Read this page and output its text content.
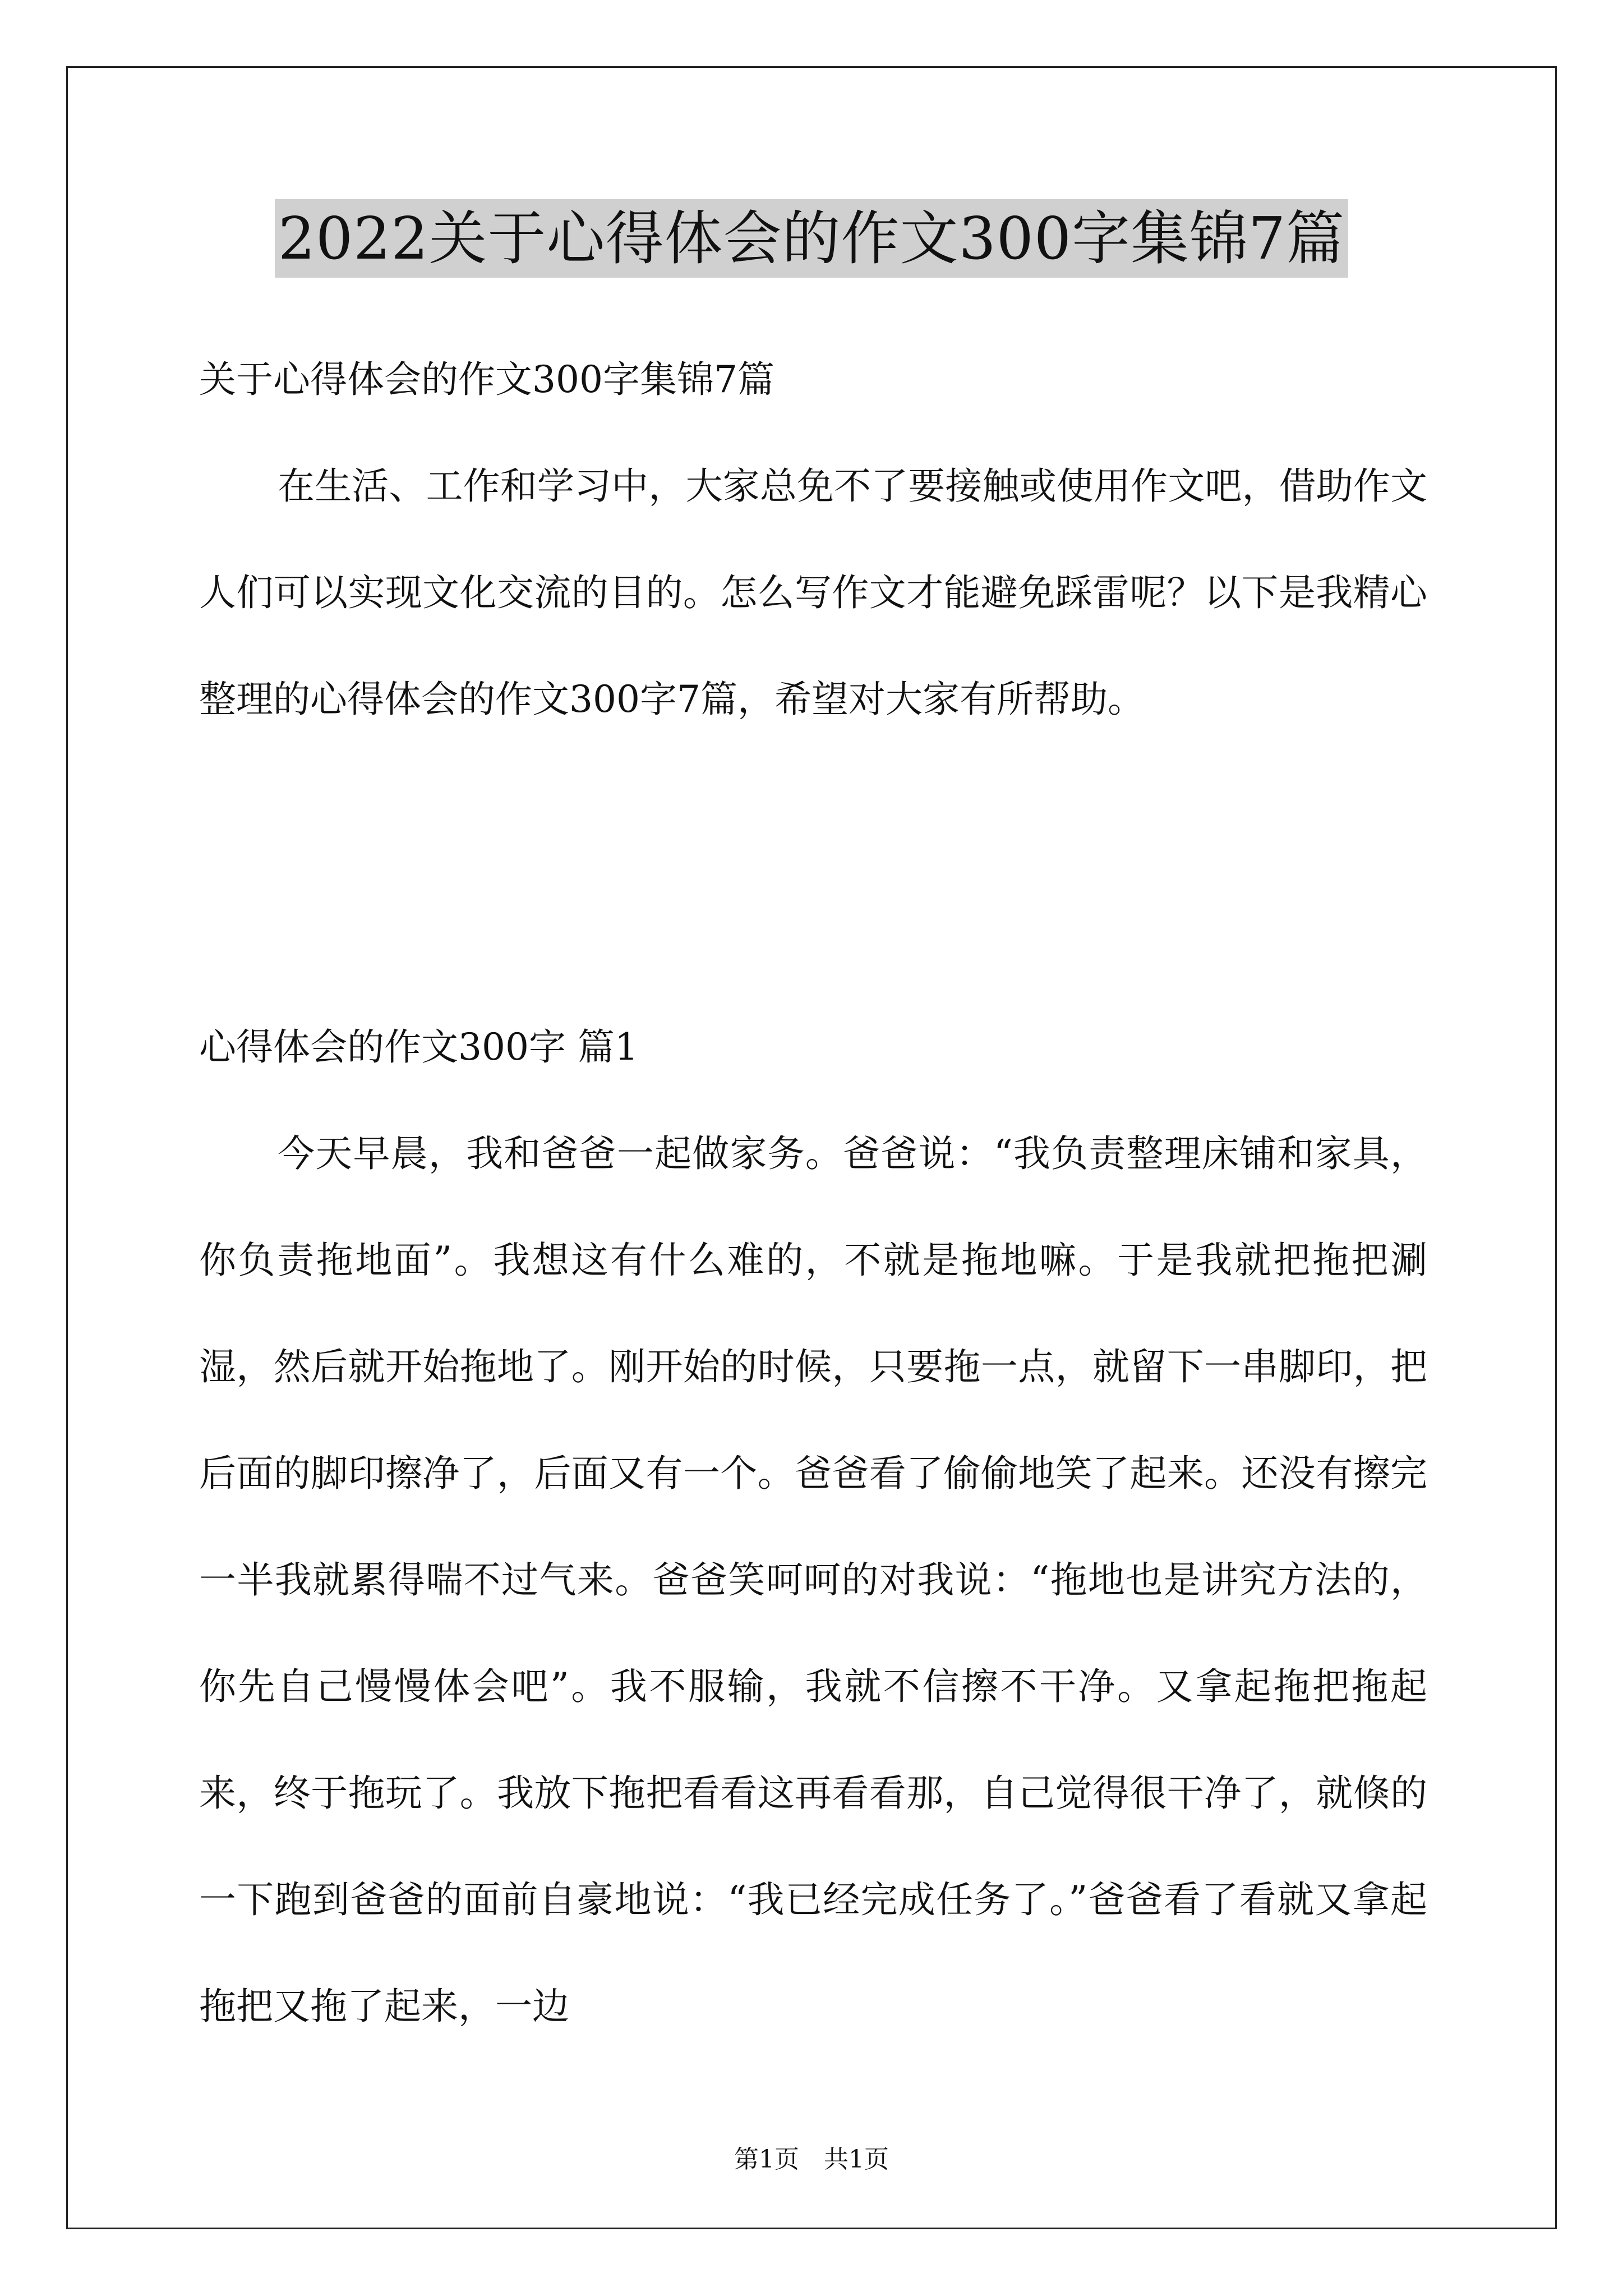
2022关于心得体会的作文300字集锦7篇

关于心得体会的作文300字集锦7篇

在生活、工作和学习中，大家总免不了要接触或使用作文吧，借助作文人们可以实现文化交流的目的。怎么写作文才能避免踩雷呢？以下是我精心整理的心得体会的作文300字7篇，希望对大家有所帮助。

心得体会的作文300字 篇1

今天早晨，我和爸爸一起做家务。爸爸说：“我负责整理床铺和家具，你负责拖地面”。我想这有什么难的，不就是拖地嘛。于是我就把拖把涮湿，然后就开始拖地了。刚开始的时候，只要拖一点，就留下一串脚印，把后面的脚印擦净了，后面又有一个。爸爸看了偷偷地笑了起来。还没有擦完一半我就累得喘不过气来。爸爸笑呵呵的对我说：“拖地也是讲究方法的，你先自己慢慢体会吧”。我不服输，我就不信擦不干净。又拿起拖把拖起来，终于拖玩了。我放下拖把看看这再看看那，自己觉得很干净了，就倏的一下跑到爸爸的面前自豪地说：“我已经完成任务了。”爸爸看了看就又拿起拖把又拖了起来，一边

第1页 共1页
